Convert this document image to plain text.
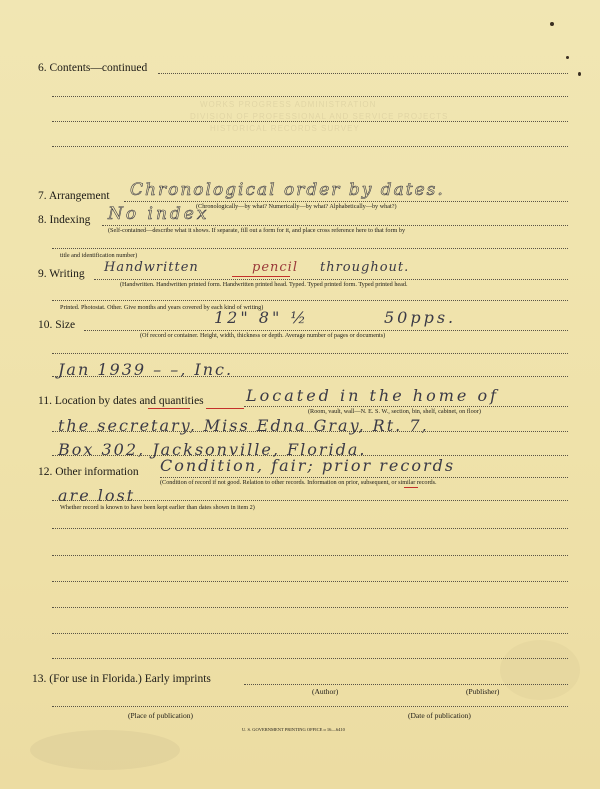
WORKS PROGRESS ADMINISTRATION
DIVISION OF PROFESSIONAL AND SERVICE PROJECTS
HISTORICAL RECORDS SURVEY
6. Contents—continued
7. Arrangement Chronological order by dates.
(Chronologically—by what? Numerically—by what? Alphabetically—by what?)
8. Indexing No index
(Self-contained—describe what it shows. If separate, fill out a form for it, and place cross reference here to that form by
title and identification number)
9. Writing Handwritten	pencil throughout.
(Handwritten. Handwritten printed form. Handwritten printed head. Typed. Typed printed form. Typed printed head.
Printed. Photostat. Other. Give months and years covered by each kind of writing)
10. Size	12" 8" ½	50pps.
(Of record or container. Height, width, thickness or depth. Average number of pages or documents)
Jan 1939 – –, Inc.
11. Location by dates and quantities	Located in the home of
(Room, vault, wall—N. E. S. W., section, bin, shelf, cabinet, on floor)
the secretary, Miss Edna Gray, Rt. 7,
Box 302, Jacksonville, Florida.
12. Other information Condition, fair; prior records
(Condition of record if not good. Relation to other records. Information on prior, subsequent, or similar records.
are lost
Whether record is known to have been kept earlier than dates shown in item 2)
13. (For use in Florida.) Early imprints
(Author)	(Publisher)
(Place of publication)	(Date of publication)
U. S. GOVERNMENT PRINTING OFFICE o 16—6410
